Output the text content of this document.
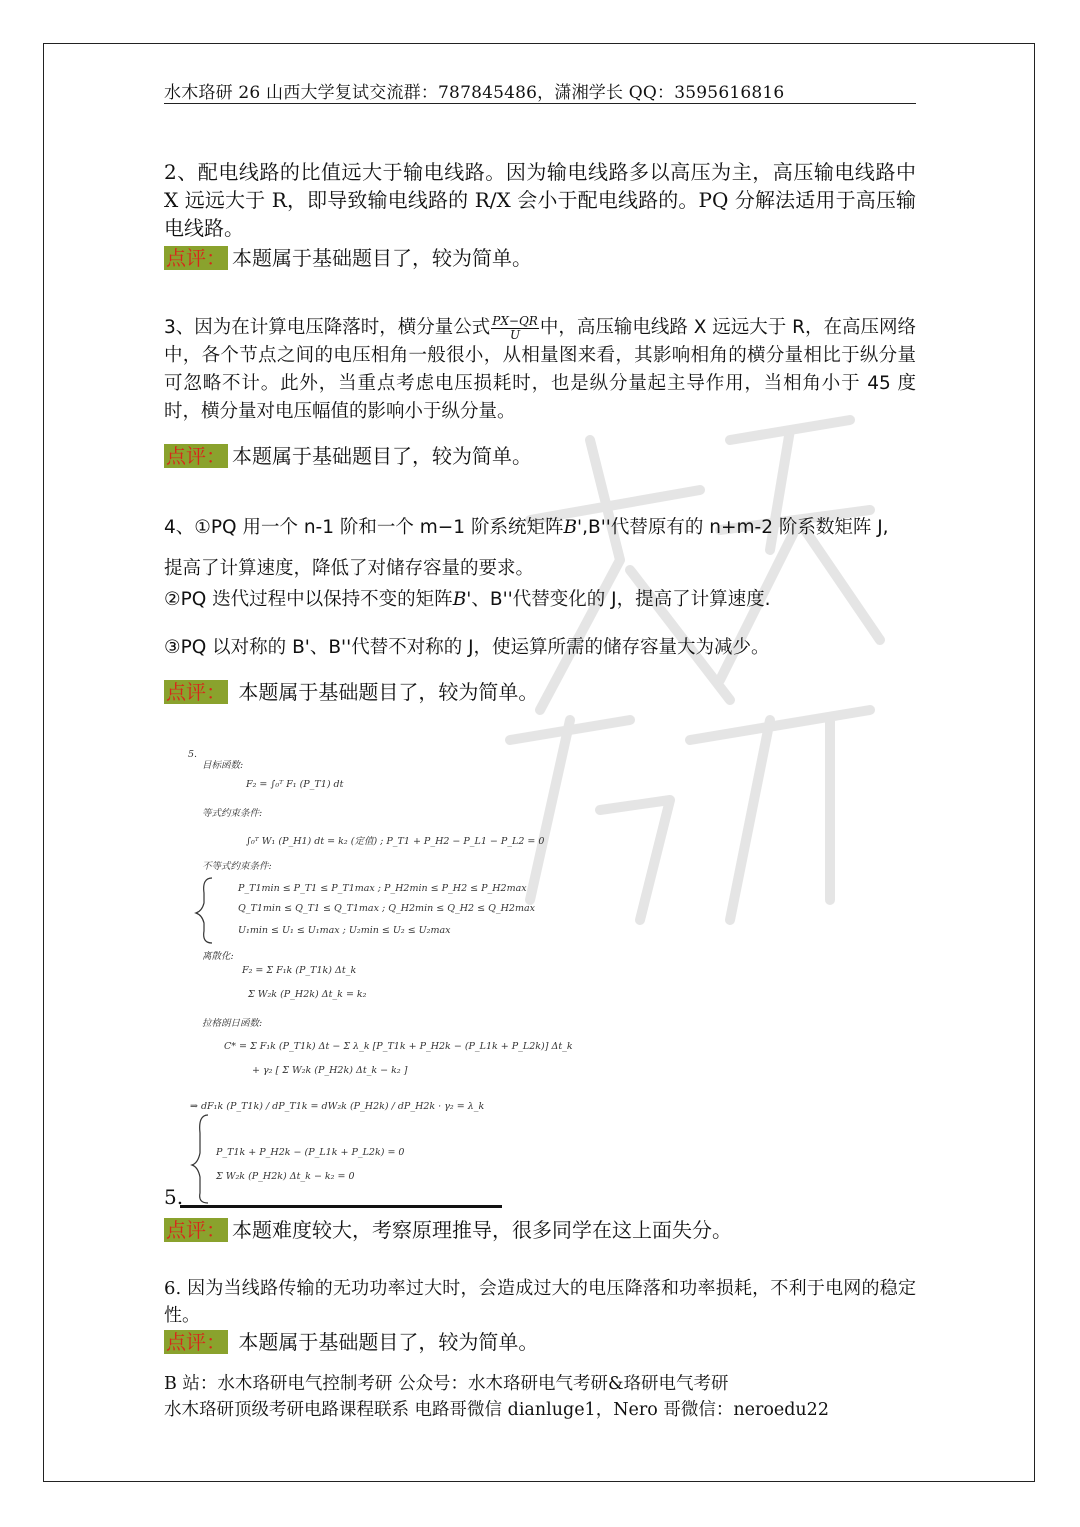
水木珞研 26 山西大学复试交流群：787845486，潇湘学长 QQ：3595616816
2、配电线路的比值远大于输电线路。因为输电线路多以高压为主，高压输电线路中 X 远远大于 R，即导致输电线路的 R/X 会小于配电线路的。PQ 分解法适用于高压输电线路。
点评： 本题属于基础题目了，较为简单。
3、因为在计算电压降落时，横分量公式 $\frac{PX-QR}{U}$ 中，高压输电线路 X 远远大于 R，在高压网络中，各个节点之间的电压相角一般很小，从相量图来看，其影响相角的横分量相比于纵分量可忽略不计。此外，当重点考虑电压损耗时，也是纵分量起主导作用，当相角小于 45 度时，横分量对电压幅值的影响小于纵分量。
点评： 本题属于基础题目了，较为简单。
4、①PQ 用一个 n-1 阶和一个 m−1 阶系统矩阵B',B''代替原有的 n+m-2 阶系数矩阵 J,
提高了计算速度，降低了对储存容量的要求。
②PQ 迭代过程中以保持不变的矩阵B'、B''代替变化的 J，提高了计算速度.
③PQ 以对称的 B'、B''代替不对称的 J，使运算所需的储存容量大为减少。
点评： 本题属于基础题目了，较为简单。
5.
目标函数:
F₂ = ∫₀ᵀ F₁ (P_T1) dt
等式约束条件:
∫₀ᵀ W₁ (P_H1) dt = k₂ (定值) ; P_T1 + P_H2 − P_L1 − P_L2 = 0
不等式约束条件:
P_T1min ≤ P_T1 ≤ P_T1max ; P_H2min ≤ P_H2 ≤ P_H2max
Q_T1min ≤ Q_T1 ≤ Q_T1max ; Q_H2min ≤ Q_H2 ≤ Q_H2max
U₁min ≤ U₁ ≤ U₁max ; U₂min ≤ U₂ ≤ U₂max
离散化:
F₂ = Σ F₁k (P_T1k) Δt_k
Σ W₂k (P_H2k) Δt_k = k₂
拉格朗日函数:
C* = Σ F₁k (P_T1k) Δt − Σ λ_k [P_T1k + P_H2k − (P_L1k + P_L2k)] Δt_k
+ γ₂ [ Σ W₂k (P_H2k) Δt_k − k₂ ]
⇒ dF₁k (P_T1k) / dP_T1k = dW₂k (P_H2k) / dP_H2k · γ₂ = λ_k
P_T1k + P_H2k − (P_L1k + P_L2k) = 0
Σ W₂k (P_H2k) Δt_k − k₂ = 0
5.
点评： 本题难度较大，考察原理推导，很多同学在这上面失分。
6. 因为当线路传输的无功功率过大时，会造成过大的电压降落和功率损耗，不利于电网的稳定性。
点评： 本题属于基础题目了，较为简单。
B 站：水木珞研电气控制考研 公众号：水木珞研电气考研&珞研电气考研
水木珞研顶级考研电路课程联系 电路哥微信 dianluge1，Nero 哥微信：neroedu22
